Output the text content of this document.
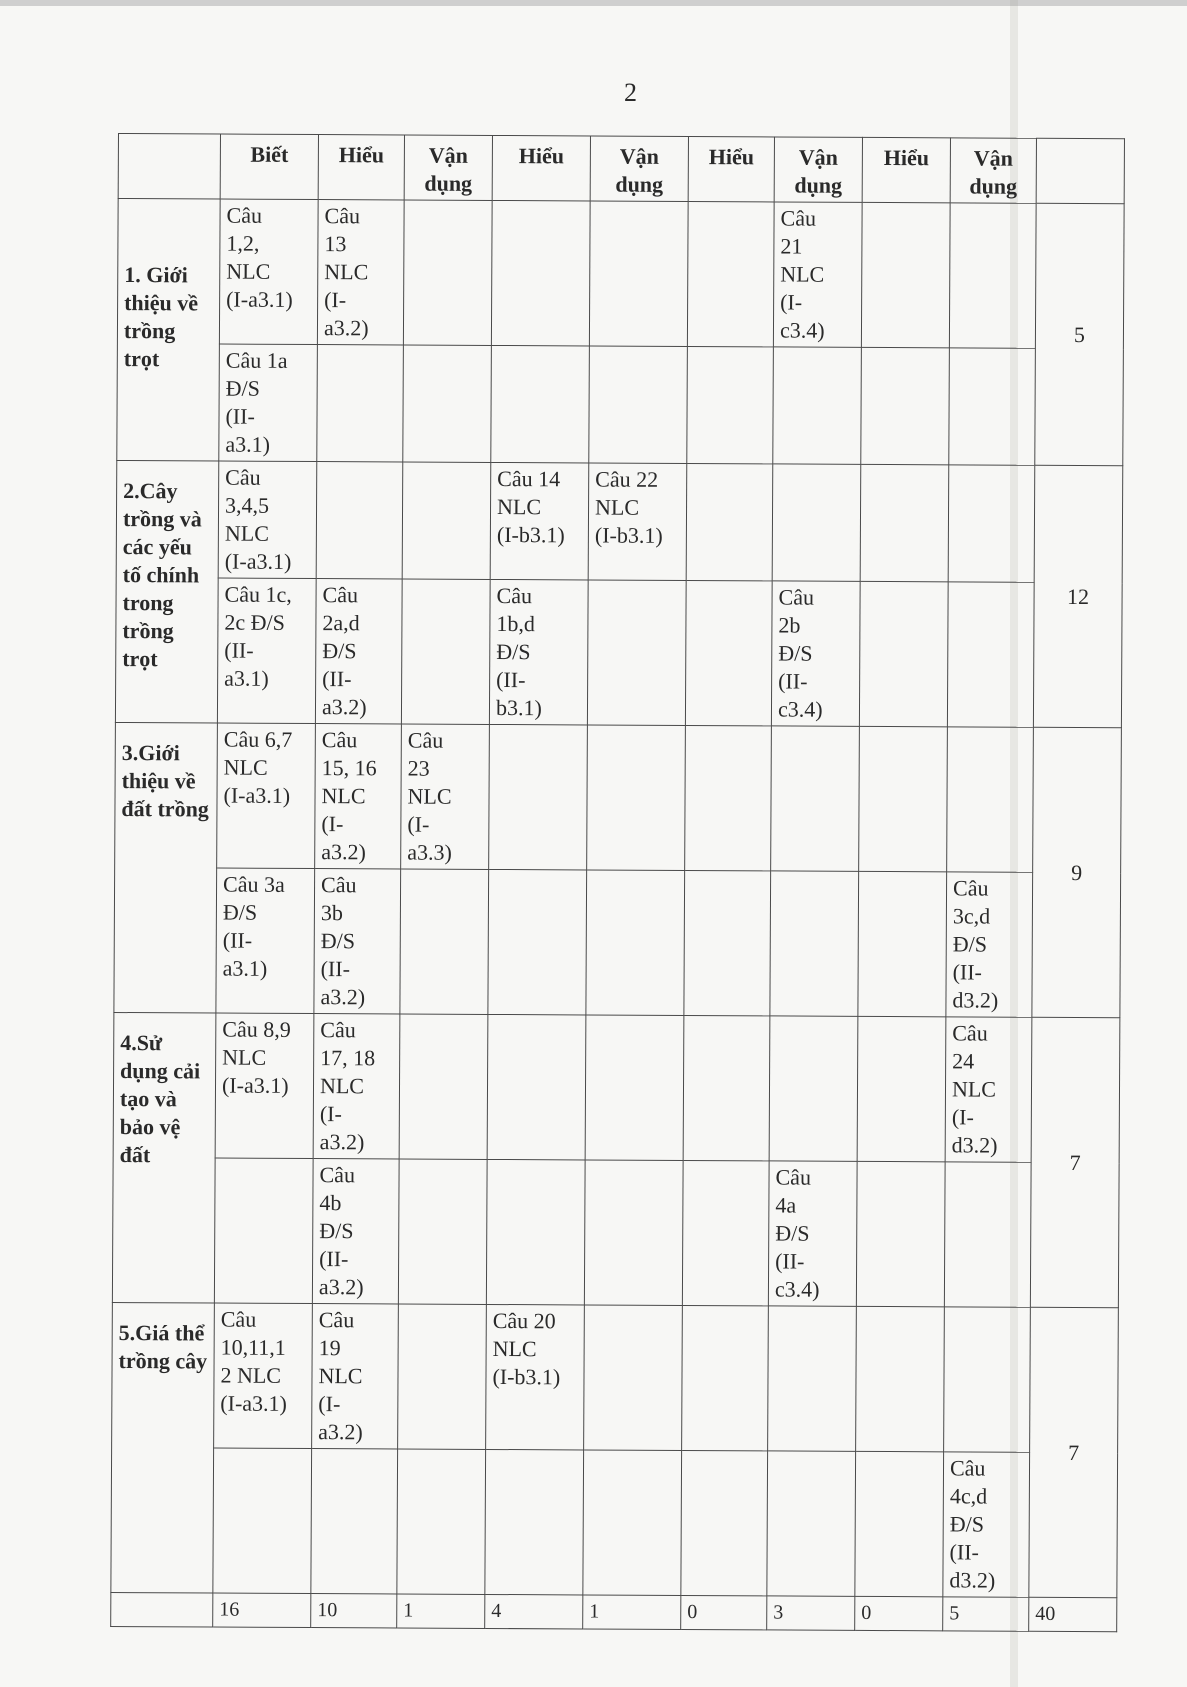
2
	Biết	Hiểu	Vận dụng	Hiểu	Vận dụng	Hiểu	Vận dụng	Hiểu	Vận dụng	
1. Giới thiệu về trồng trọt	Câu
1,2,
NLC
(I-a3.1)	Câu
13
NLC
(I-
a3.2)					Câu
21
NLC
(I-
c3.4)			5

	Câu 1a
Đ/S
(II-
a3.1)									

2.Cây trồng và các yếu tố chính trong trồng trọt	Câu
3,4,5
NLC
(I-a3.1)			Câu 14
NLC
(I-b3.1)	Câu 22
NLC
(I-b3.1)					12

	Câu 1c,
2c Đ/S
(II-
a3.1)	Câu
2a,d
Đ/S
(II-
a3.2)		Câu
1b,d
Đ/S
(II-
b3.1)			Câu
2b
Đ/S
(II-
c3.4)			

3.Giới thiệu về đất trồng	Câu 6,7
NLC
(I-a3.1)	Câu
15, 16
NLC
(I-
a3.2)	Câu
23
NLC
(I-
a3.3)							9

	Câu 3a
Đ/S
(II-
a3.1)	Câu
3b
Đ/S
(II-
a3.2)							Câu
3c,d
Đ/S
(II-
d3.2)	

4.Sử dụng cải tạo và bảo vệ đất	Câu 8,9
NLC
(I-a3.1)	Câu
17, 18
NLC
(I-
a3.2)							Câu
24
NLC
(I-
d3.2)	7

		Câu
4b
Đ/S
(II-
a3.2)					Câu
4a
Đ/S
(II-
c3.4)			

5.Giá thể trồng cây	Câu
10,11,1
2 NLC
(I-a3.1)	Câu
19
NLC
(I-
a3.2)		Câu 20
NLC
(I-b3.1)						7

									Câu
4c,d
Đ/S
(II-
d3.2)	

	16	10	1	4	1	0	3	0	5	40
